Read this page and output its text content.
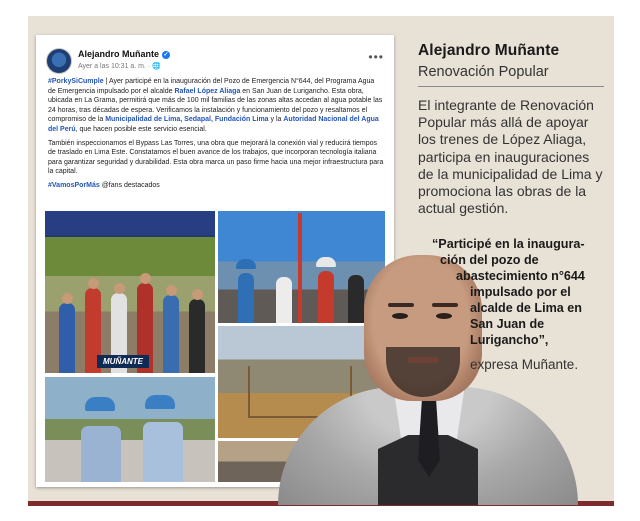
Alejandro Muñante ✓
Ayer a las 10:31 a. m. · 🌐
•••

#PorkySiCumple | Ayer participé en la inauguración del Pozo de Emergencia N°644, del Programa Agua de Emergencia impulsado por el alcalde Rafael López Aliaga en San Juan de Lurigancho. Esta obra, ubicada en La Grama, permitirá que más de 100 mil familias de las zonas altas accedan al agua potable las 24 horas, tras décadas de espera. Verificamos la instalación y funcionamiento del pozo y resaltamos el compromiso de la Municipalidad de Lima, Sedapal, Fundación Lima y la Autoridad Nacional del Agua del Perú, que hacen posible este servicio esencial.

También inspeccionamos el Bypass Las Torres, una obra que mejorará la conexión vial y reducirá tiempos de traslado en Lima Este. Constatamos el buen avance de los trabajos, que incorporan tecnología italiana para garantizar seguridad y durabilidad. Esta obra marca un paso firme hacia una mejor infraestructura para la capital.

#VamosPorMás @fans destacados

MUÑANTE
Alejandro Muñante
Renovación Popular
El integrante de Renovación Popular más allá de apoyar los trenes de López Aliaga, participa en inauguraciones de la municipalidad de Lima y promociona las obras de la actual gestión.
“Participé en la inaugura-
ción del pozo de
abastecimiento n°644
impulsado por el
alcalde de Lima en
San Juan de
Lurigancho”,
expresa Muñante.
